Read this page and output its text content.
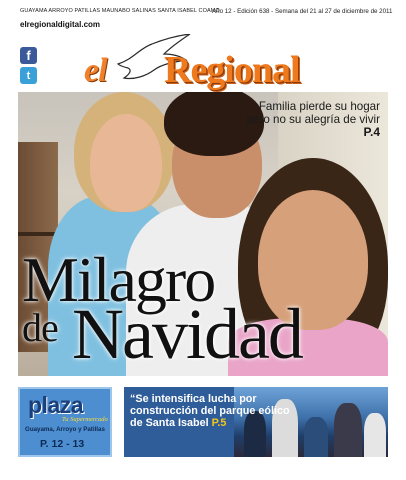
GUAYAMA ARROYO PATILLAS MAUNABO SALINAS SANTA ISABEL COAMO
elregionaldigital.com
Año 12 - Edición 638 - Semana del 21 al 27 de diciembre de 2011
f
t el Regional
Familia pierde su hogar
pero no su alegría de vivir
P.4
Milagro
de Navidad
plaza
Tu Supermercado
Guayama, Arroyo y Patillas
P. 12 - 13
“Se intensifica lucha por construcción del parque eólico de Santa Isabel P.5
